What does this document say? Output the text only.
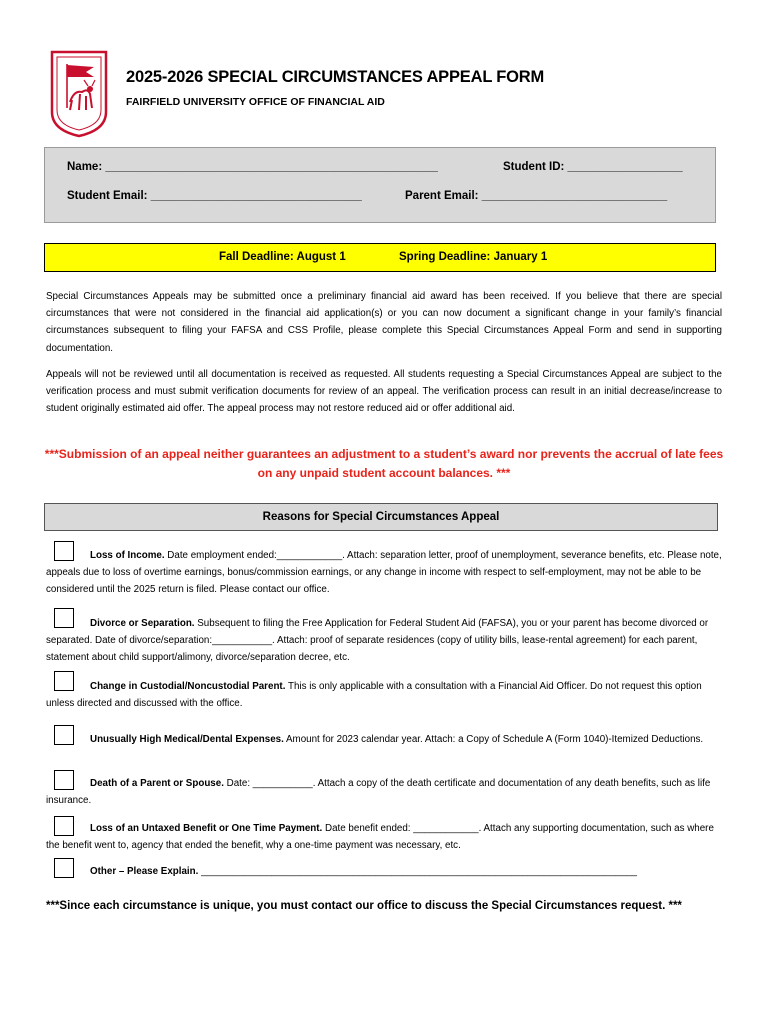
2025-2026 SPECIAL CIRCUMSTANCES APPEAL FORM
FAIRFIELD UNIVERSITY OFFICE OF FINANCIAL AID
Name: ____________________________________________________	Student ID: __________________
Student Email: _________________________________	Parent Email: _____________________________
Fall Deadline: August 1	Spring Deadline: January 1
Special Circumstances Appeals may be submitted once a preliminary financial aid award has been received. If you believe that there are special circumstances that were not considered in the financial aid application(s) or you can now document a significant change in your family’s financial circumstances subsequent to filing your FAFSA and CSS Profile, please complete this Special Circumstances Appeal Form and send in supporting documentation.
Appeals will not be reviewed until all documentation is received as requested. All students requesting a Special Circumstances Appeal are subject to the verification process and must submit verification documents for review of an appeal. The verification process can result in an initial decrease/increase to student originally estimated aid offer. The appeal process may not restore reduced aid or offer additional aid.
***Submission of an appeal neither guarantees an adjustment to a student’s award nor prevents the accrual of late fees on any unpaid student account balances. ***
Reasons for Special Circumstances Appeal
Loss of Income. Date employment ended:____________. Attach: separation letter, proof of unemployment, severance benefits, etc. Please note, appeals due to loss of overtime earnings, bonus/commission earnings, or any change in income with respect to self-employment, may not be able to be considered until the 2025 return is filed. Please contact our office.
Divorce or Separation. Subsequent to filing the Free Application for Federal Student Aid (FAFSA), you or your parent has become divorced or separated. Date of divorce/separation:___________. Attach: proof of separate residences (copy of utility bills, lease-rental agreement) for each parent, statement about child support/alimony, divorce/separation decree, etc.
Change in Custodial/Noncustodial Parent. This is only applicable with a consultation with a Financial Aid Officer. Do not request this option unless directed and discussed with the office.
Unusually High Medical/Dental Expenses. Amount for 2023 calendar year. Attach: a Copy of Schedule A (Form 1040)-Itemized Deductions.
Death of a Parent or Spouse. Date: ___________. Attach a copy of the death certificate and documentation of any death benefits, such as life insurance.
Loss of an Untaxed Benefit or One Time Payment. Date benefit ended: ____________. Attach any supporting documentation, such as where the benefit went to, agency that ended the benefit, why a one-time payment was necessary, etc.
Other – Please Explain. ________________________________________________________________________________
***Since each circumstance is unique, you must contact our office to discuss the Special Circumstances request. ***
